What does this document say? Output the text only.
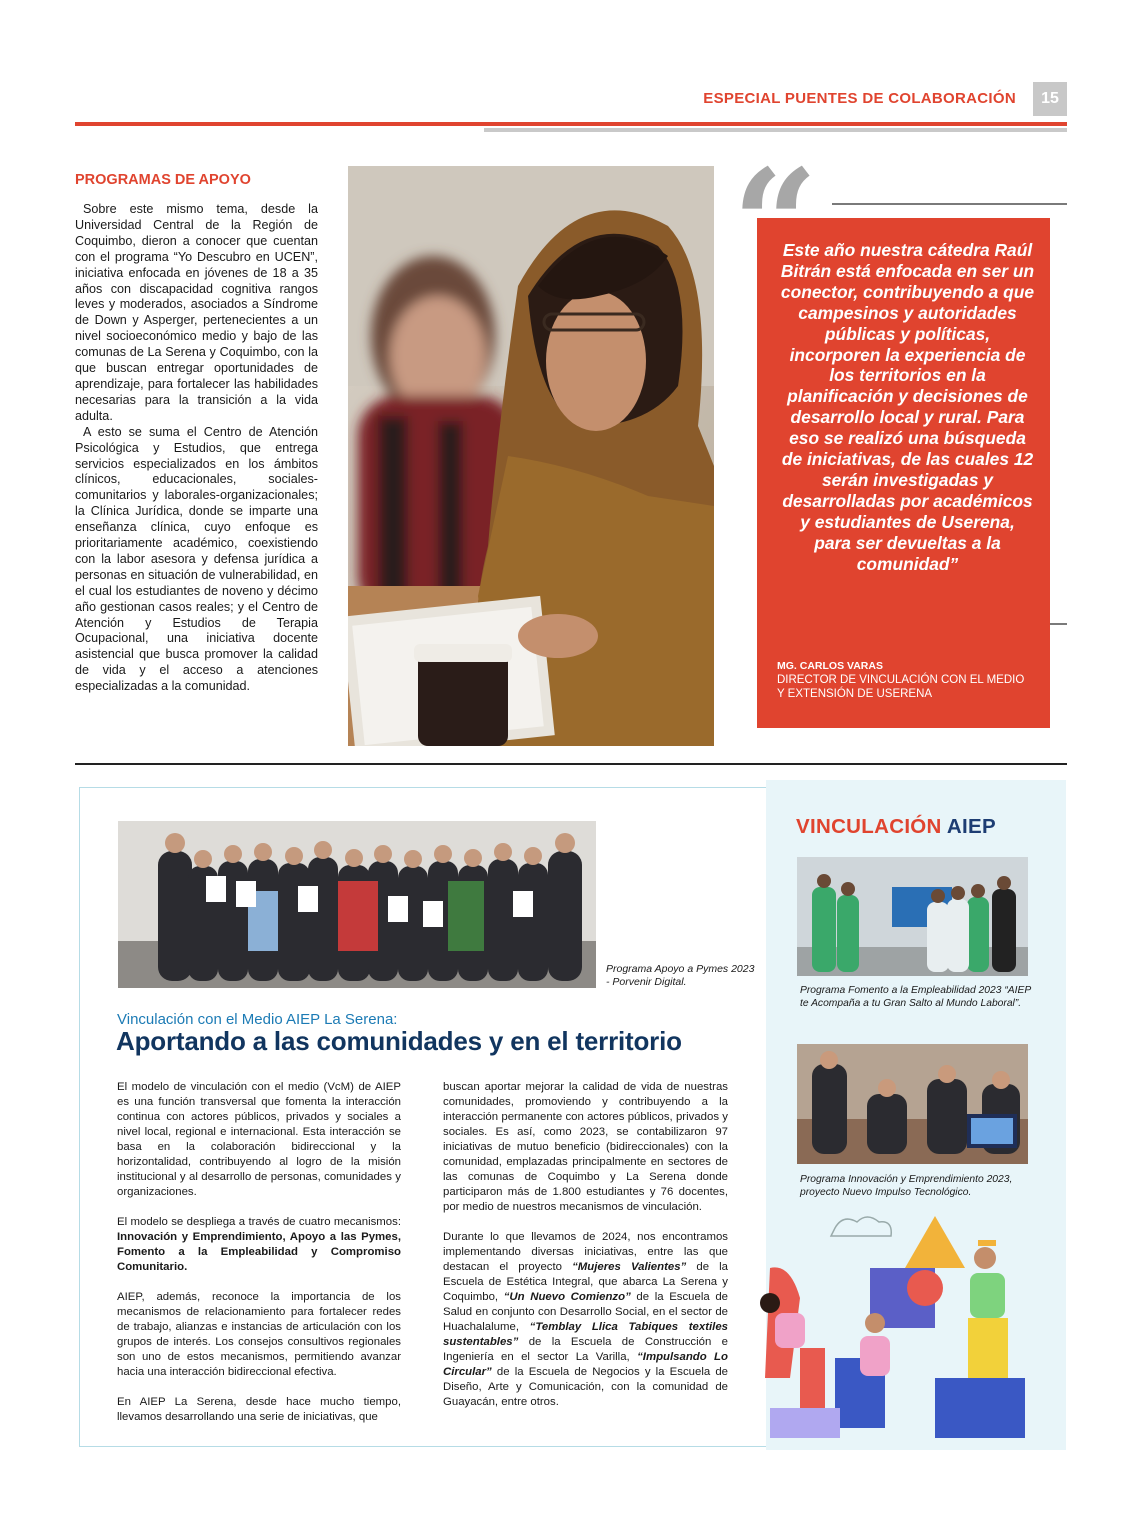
ESPECIAL PUENTES DE COLABORACIÓN	15
PROGRAMAS DE APOYO

Sobre este mismo tema, desde la Universidad Central de la Región de Coquimbo, dieron a conocer que cuentan con el programa “Yo Descubro en UCEN”, iniciativa enfocada en jóvenes de 18 a 35 años con discapacidad cognitiva rangos leves y moderados, asociados a Síndrome de Down y Asperger, pertenecientes a un nivel socioeconómico medio y bajo de las comunas de La Serena y Coquimbo, con la que buscan entregar oportunidades de aprendizaje, para fortalecer las habilidades necesarias para la transición a la vida adulta.

A esto se suma el Centro de Atención Psicológica y Estudios, que entrega servicios especializados en los ámbitos clínicos, educacionales, sociales-comunitarios y laborales-organizacionales; la Clínica Jurídica, donde se imparte una enseñanza clínica, cuyo enfoque es prioritariamente académico, coexistiendo con la labor asesora y defensa jurídica a personas en situación de vulnerabilidad, en el cual los estudiantes de noveno y décimo año gestionan casos reales; y el Centro de Atención y Estudios de Terapia Ocupacional, una iniciativa docente asistencial que busca promover la calidad de vida y el acceso a atenciones especializadas a la comunidad.

“
Este año nuestra cátedra Raúl Bitrán está enfocada en ser un conector, contribuyendo a que campesinos y autoridades públicas y políticas, incorporen la experiencia de los territorios en la planificación y decisiones de desarrollo local y rural. Para eso se realizó una búsqueda de iniciativas, de las cuales 12 serán investigadas y desarrolladas por académicos y estudiantes de Userena, para ser devueltas a la comunidad”
MG. CARLOS VARAS
DIRECTOR DE VINCULACIÓN CON EL MEDIO Y EXTENSIÓN DE USERENA
Programa Apoyo a Pymes 2023 - Porvenir Digital.
Vinculación con el Medio AIEP La Serena:
Aportando a las comunidades y en el territorio

El modelo de vinculación con el medio (VcM) de AIEP es una función transversal que fomenta la interacción continua con actores públicos, privados y sociales a nivel local, regional e internacional. Esta interacción se basa en la colaboración bidireccional y la horizontalidad, contribuyendo al logro de la misión institucional y al desarrollo de personas, comunidades y organizaciones.

El modelo se despliega a través de cuatro mecanismos: Innovación y Emprendimiento, Apoyo a las Pymes, Fomento a la Empleabilidad y Compromiso Comunitario.

AIEP, además, reconoce la importancia de los mecanismos de relacionamiento para fortalecer redes de trabajo, alianzas e instancias de articulación con los grupos de interés. Los consejos consultivos regionales son uno de estos mecanismos, permitiendo avanzar hacia una interacción bidireccional efectiva.

En AIEP La Serena, desde hace mucho tiempo, llevamos desarrollando una serie de iniciativas, que

buscan aportar mejorar la calidad de vida de nuestras comunidades, promoviendo y contribuyendo a la interacción permanente con actores públicos, privados y sociales. Es así, como 2023, se contabilizaron 97 iniciativas de mutuo beneficio (bidireccionales) con la comunidad, emplazadas principalmente en sectores de las comunas de Coquimbo y La Serena donde participaron más de 1.800 estudiantes y 76 docentes, por medio de nuestros mecanismos de vinculación.

Durante lo que llevamos de 2024, nos encontramos implementando diversas iniciativas, entre las que destacan el proyecto “Mujeres Valientes” de la Escuela de Estética Integral, que abarca La Serena y Coquimbo, “Un Nuevo Comienzo” de la Escuela de Salud en conjunto con Desarrollo Social, en el sector de Huachalalume, “Temblay Llica Tabiques textiles sustentables” de la Escuela de Construcción e Ingeniería en el sector La Varilla, “Impulsando Lo Circular” de la Escuela de Negocios y la Escuela de Diseño, Arte y Comunicación, con la comunidad de Guayacán, entre otros.

VINCULACIÓN AIEP
Programa Fomento a la Empleabilidad 2023 “AIEP te Acompaña a tu Gran Salto al Mundo Laboral”.
Programa Innovación y Emprendimiento 2023, proyecto Nuevo Impulso Tecnológico.
